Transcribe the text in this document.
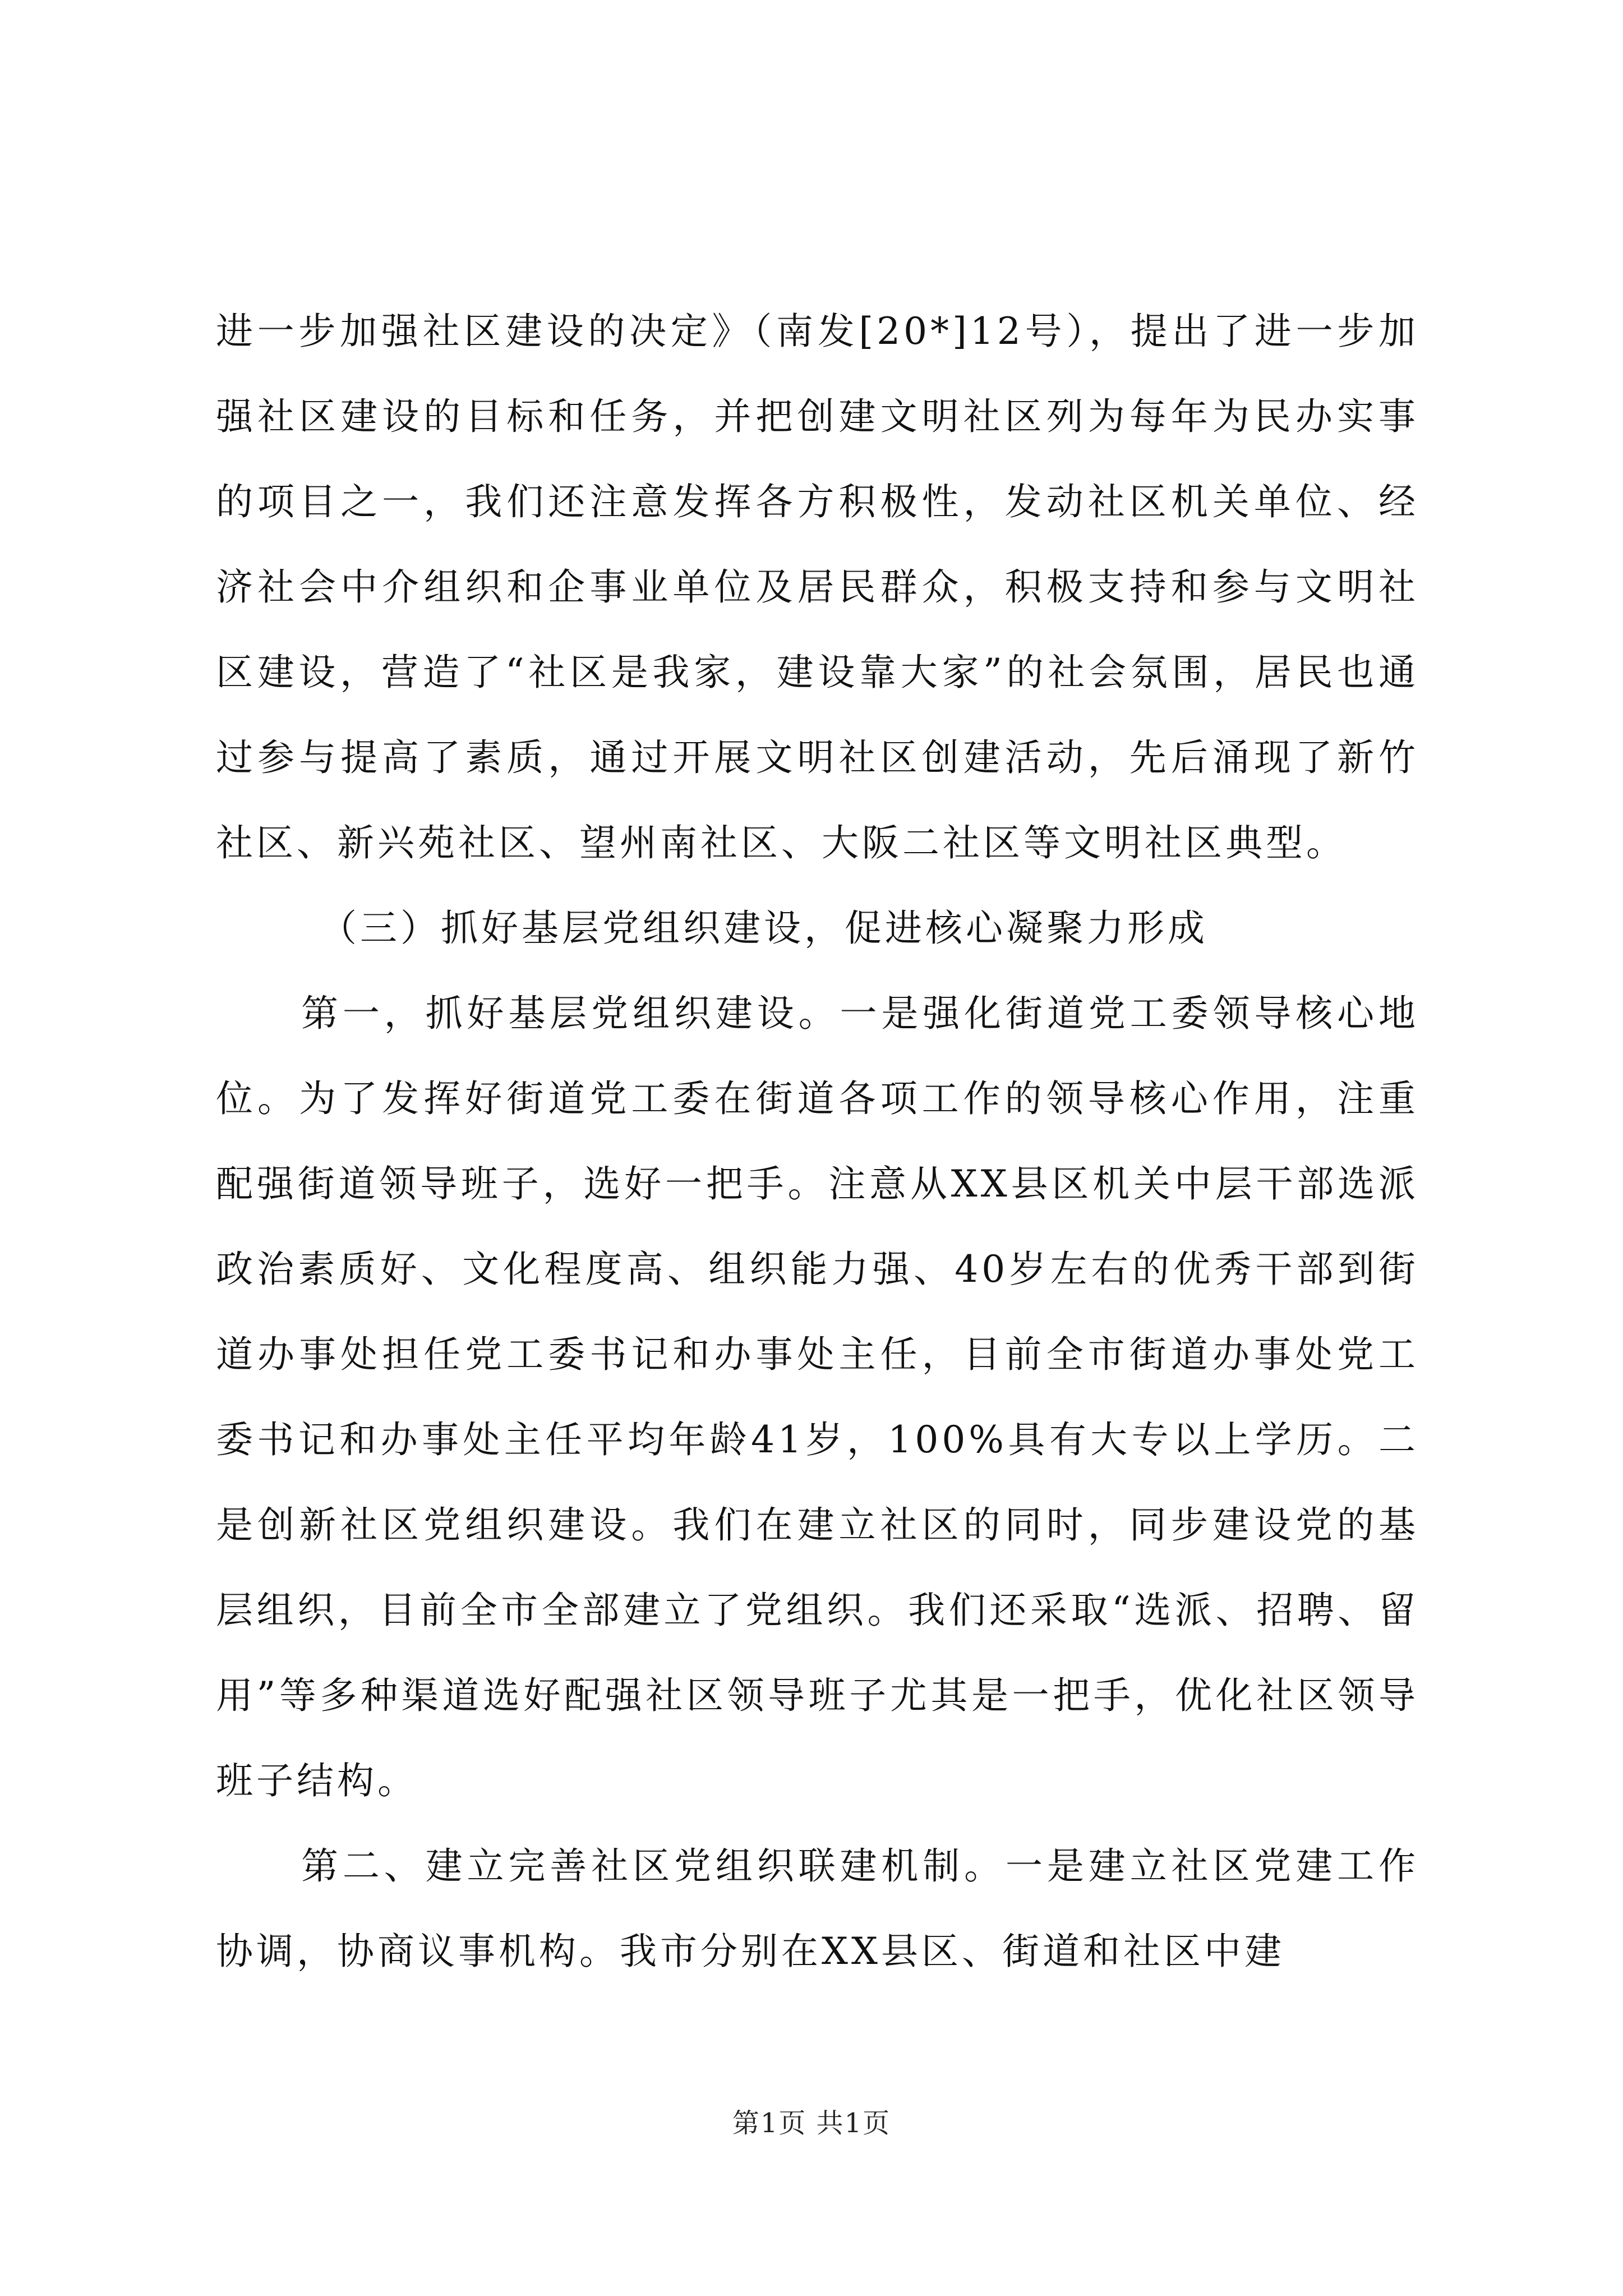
进一步加强社区建设的决定》（南发[20*]12号），提出了进一步加强社区建设的目标和任务，并把创建文明社区列为每年为民办实事的项目之一，我们还注意发挥各方积极性，发动社区机关单位、经济社会中介组织和企事业单位及居民群众，积极支持和参与文明社区建设，营造了“社区是我家，建设靠大家”的社会氛围，居民也通过参与提高了素质，通过开展文明社区创建活动，先后涌现了新竹社区、新兴苑社区、望州南社区、大阪二社区等文明社区典型。

（三）抓好基层党组织建设，促进核心凝聚力形成

第一，抓好基层党组织建设。一是强化街道党工委领导核心地位。为了发挥好街道党工委在街道各项工作的领导核心作用，注重配强街道领导班子，选好一把手。注意从XX县区机关中层干部选派政治素质好、文化程度高、组织能力强、40岁左右的优秀干部到街道办事处担任党工委书记和办事处主任，目前全市街道办事处党工委书记和办事处主任平均年龄41岁，100%具有大专以上学历。二是创新社区党组织建设。我们在建立社区的同时，同步建设党的基层组织，目前全市全部建立了党组织。我们还采取“选派、招聘、留用”等多种渠道选好配强社区领导班子尤其是一把手，优化社区领导班子结构。

第二、建立完善社区党组织联建机制。一是建立社区党建工作协调，协商议事机构。我市分别在XX县区、街道和社区中建

第1页 共1页
